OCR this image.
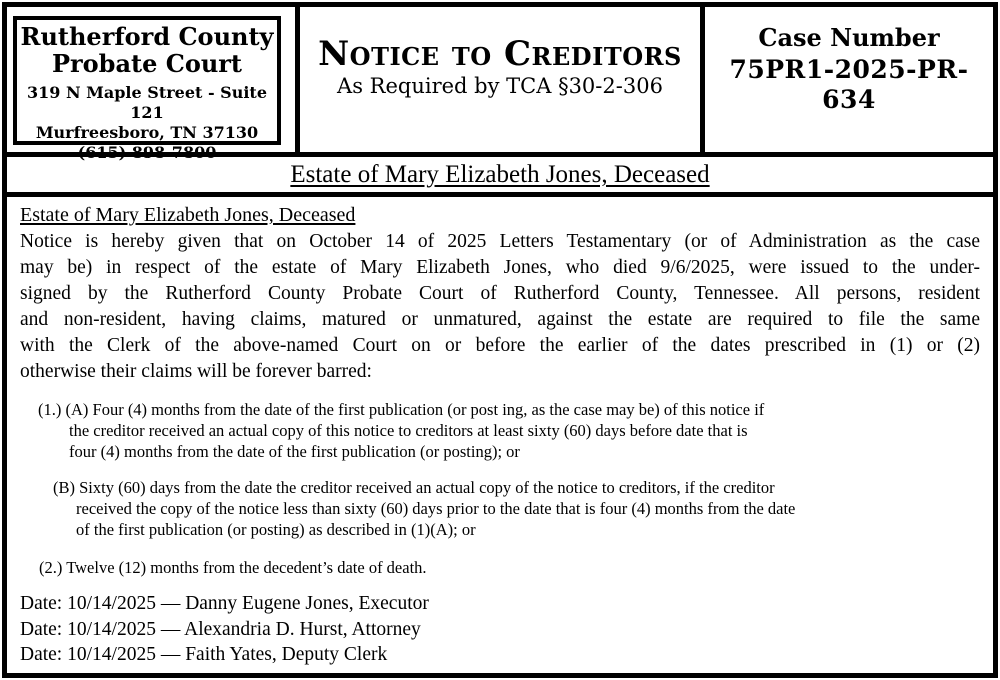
Rutherford County
Probate Court
319 N Maple Street - Suite 121
Murfreesboro, TN 37130
(615) 898-7800
Notice to Creditors
As Required by TCA §30-2-306
Case Number
75PR1-2025-PR-634
Estate of Mary Elizabeth Jones, Deceased
Estate of Mary Elizabeth Jones, Deceased
Notice is hereby given that on October 14 of 2025 Letters Testamentary (or of Administration as the case
may be) in respect of the estate of Mary Elizabeth Jones, who died 9/6/2025, were issued to the under-
signed by the Rutherford County Probate Court of Rutherford County, Tennessee. All persons, resident
and non-resident, having claims, matured or unmatured, against the estate are required to file the same
with the Clerk of the above-named Court on or before the earlier of the dates prescribed in (1) or (2)
otherwise their claims will be forever barred:
(1.) (A) Four (4) months from the date of the first publication (or post ing, as the case may be) of this notice if
the creditor received an actual copy of this notice to creditors at least sixty (60) days before date that is
four (4) months from the date of the first publication (or posting); or
(B) Sixty (60) days from the date the creditor received an actual copy of the notice to creditors, if the creditor
received the copy of the notice less than sixty (60) days prior to the date that is four (4) months from the date
of the first publication (or posting) as described in (1)(A); or
(2.) Twelve (12) months from the decedent’s date of death.
Date: 10/14/2025 — Danny Eugene Jones, Executor
Date: 10/14/2025 — Alexandria D. Hurst, Attorney
Date: 10/14/2025 — Faith Yates, Deputy Clerk
